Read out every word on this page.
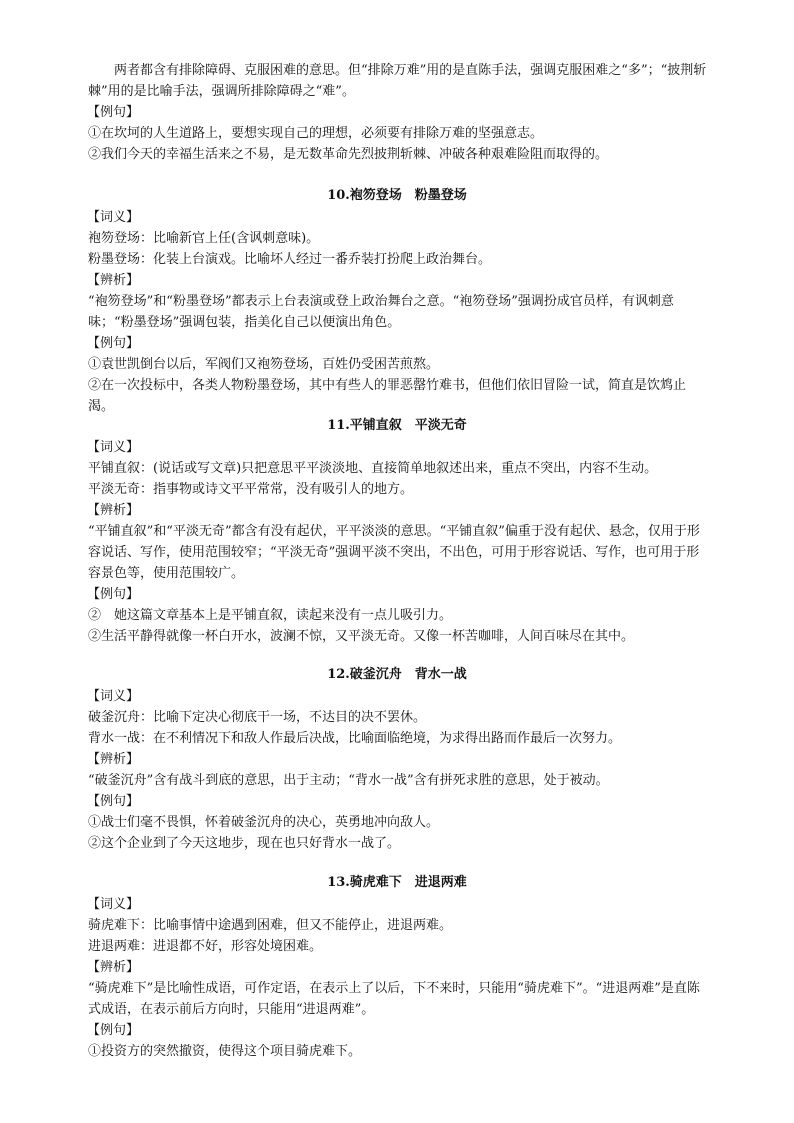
两者都含有排除障碍、克服困难的意思。但“排除万难”用的是直陈手法，强调克服困难之“多”；“披荆斩棘”用的是比喻手法，强调所排除障碍之“难”。

【例句】

①在坎坷的人生道路上，要想实现自己的理想，必须要有排除万难的坚强意志。

②我们今天的幸福生活来之不易，是无数革命先烈披荆斩棘、冲破各种艰难险阻而取得的。

10.袍笏登场　粉墨登场

【词义】

袍笏登场：比喻新官上任(含讽刺意味)。

粉墨登场：化装上台演戏。比喻坏人经过一番乔装打扮爬上政治舞台。

【辨析】

“袍笏登场”和“粉墨登场”都表示上台表演或登上政治舞台之意。“袍笏登场”强调扮成官员样，有讽刺意味；“粉墨登场”强调包装，指美化自己以便演出角色。

【例句】

①袁世凯倒台以后，军阀们又袍笏登场，百姓仍受困苦煎熬。

②在一次投标中，各类人物粉墨登场，其中有些人的罪恶罄竹难书，但他们依旧冒险一试，简直是饮鸩止渴。

11.平铺直叙　平淡无奇

【词义】

平铺直叙：(说话或写文章)只把意思平平淡淡地、直接简单地叙述出来，重点不突出，内容不生动。

平淡无奇：指事物或诗文平平常常，没有吸引人的地方。

【辨析】

“平铺直叙”和“平淡无奇”都含有没有起伏，平平淡淡的意思。“平铺直叙”偏重于没有起伏、悬念，仅用于形容说话、写作，使用范围较窄；“平淡无奇”强调平淡不突出，不出色，可用于形容说话、写作，也可用于形容景色等，使用范围较广。

【例句】

②　她这篇文章基本上是平铺直叙，读起来没有一点儿吸引力。

②生活平静得就像一杯白开水，波澜不惊，又平淡无奇。又像一杯苦咖啡，人间百味尽在其中。

12.破釜沉舟　背水一战

【词义】

破釜沉舟：比喻下定决心彻底干一场，不达目的决不罢休。

背水一战：在不利情况下和敌人作最后决战，比喻面临绝境，为求得出路而作最后一次努力。

【辨析】

“破釜沉舟”含有战斗到底的意思，出于主动；“背水一战”含有拼死求胜的意思，处于被动。

【例句】

①战士们毫不畏惧，怀着破釜沉舟的决心，英勇地冲向敌人。

②这个企业到了今天这地步，现在也只好背水一战了。

13.骑虎难下　进退两难

【词义】

骑虎难下：比喻事情中途遇到困难，但又不能停止，进退两难。

进退两难：进退都不好，形容处境困难。

【辨析】

“骑虎难下”是比喻性成语，可作定语，在表示上了以后，下不来时，只能用“骑虎难下”。“进退两难”是直陈式成语，在表示前后方向时，只能用“进退两难”。

【例句】

①投资方的突然撤资，使得这个项目骑虎难下。
